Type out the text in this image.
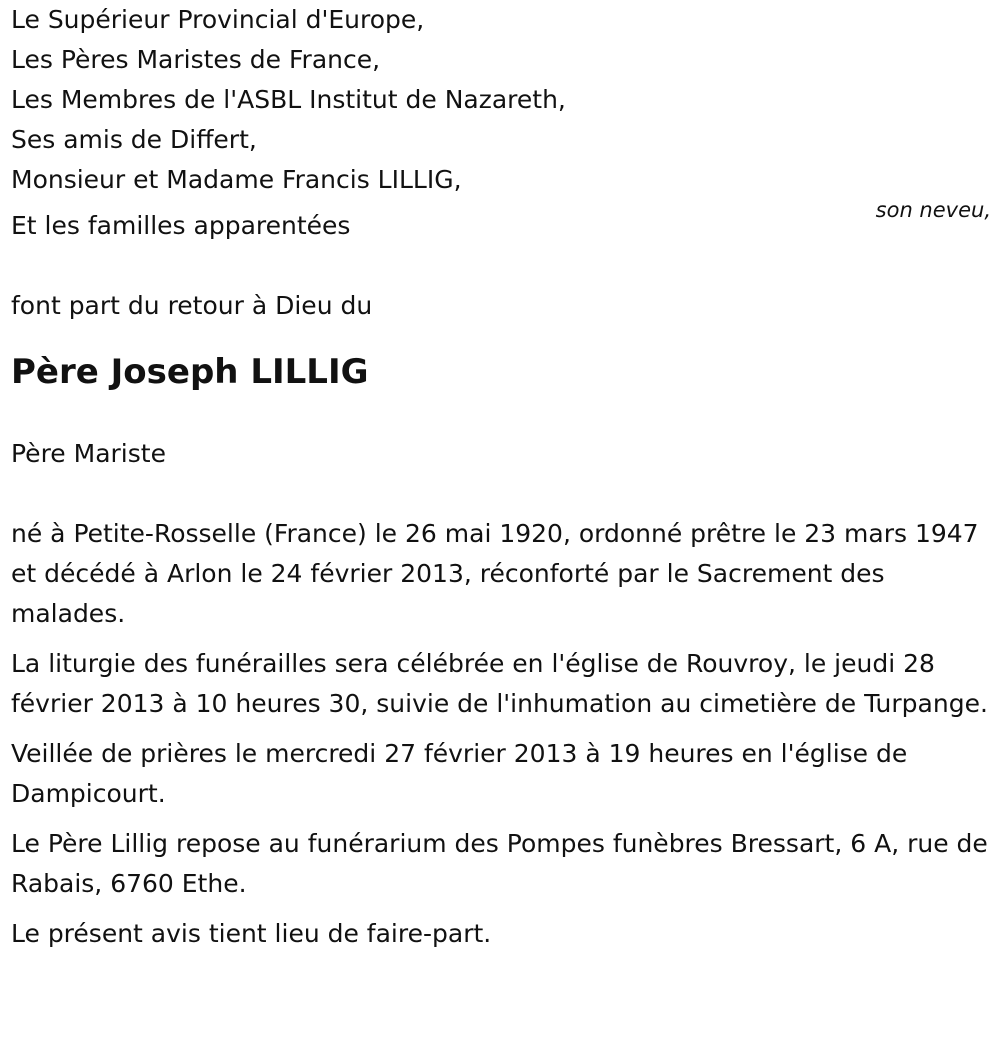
Le Supérieur Provincial d'Europe,

Les Pères Maristes de France,

Les Membres de l'ASBL Institut de Nazareth,

Ses amis de Differt,

Monsieur et Madame Francis LILLIG,

Et les familles apparentées

font part du retour à Dieu du

Père Joseph LILLIG

Père Mariste

né à Petite-Rosselle (France) le 26 mai 1920, ordonné prêtre le 23 mars 1947 et décédé à Arlon le 24 février 2013, réconforté par le Sacrement des malades.

La liturgie des funérailles sera célébrée en l'église de Rouvroy, le jeudi 28 février 2013 à 10 heures 30, suivie de l'inhumation au cimetière de Turpange.

Veillée de prières le mercredi 27 février 2013 à 19 heures en l'église de Dampicourt.

Le Père Lillig repose au funérarium des Pompes funèbres Bressart, 6 A, rue de Rabais, 6760 Ethe.

Le présent avis tient lieu de faire-part.

son neveu,
